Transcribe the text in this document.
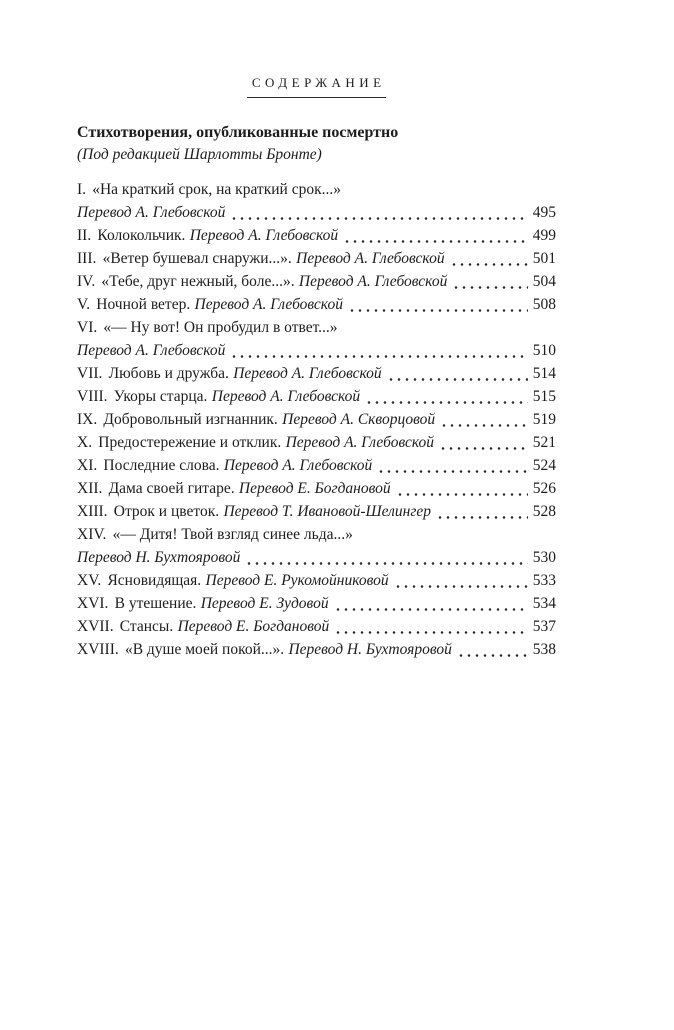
СОДЕРЖАНИЕ
Стихотворения, опубликованные посмертно
(Под редакцией Шарлотты Бронте)
I. «На краткий срок, на краткий срок...»
Перевод А. Глебовской	495
II. Колокольчик. Перевод А. Глебовской	499
III. «Ветер бушевал снаружи...». Перевод А. Глебовской	501
IV. «Тебе, друг нежный, боле...». Перевод А. Глебовской	504
V. Ночной ветер. Перевод А. Глебовской	508
VI. «— Ну вот! Он пробудил в ответ...»
Перевод А. Глебовской	510
VII. Любовь и дружба. Перевод А. Глебовской	514
VIII. Укоры старца. Перевод А. Глебовской	515
IX. Добровольный изгнанник. Перевод А. Скворцовой	519
X. Предостережение и отклик. Перевод А. Глебовской	521
XI. Последние слова. Перевод А. Глебовской	524
XII. Дама своей гитаре. Перевод Е. Богдановой	526
XIII. Отрок и цветок. Перевод Т. Ивановой-Шелингер	528
XIV. «— Дитя! Твой взгляд синее льда...»
Перевод Н. Бухтояровой	530
XV. Ясновидящая. Перевод Е. Рукомойниковой	533
XVI. В утешение. Перевод Е. Зудовой	534
XVII. Стансы. Перевод Е. Богдановой	537
XVIII. «В душе моей покой...». Перевод Н. Бухтояровой	538
